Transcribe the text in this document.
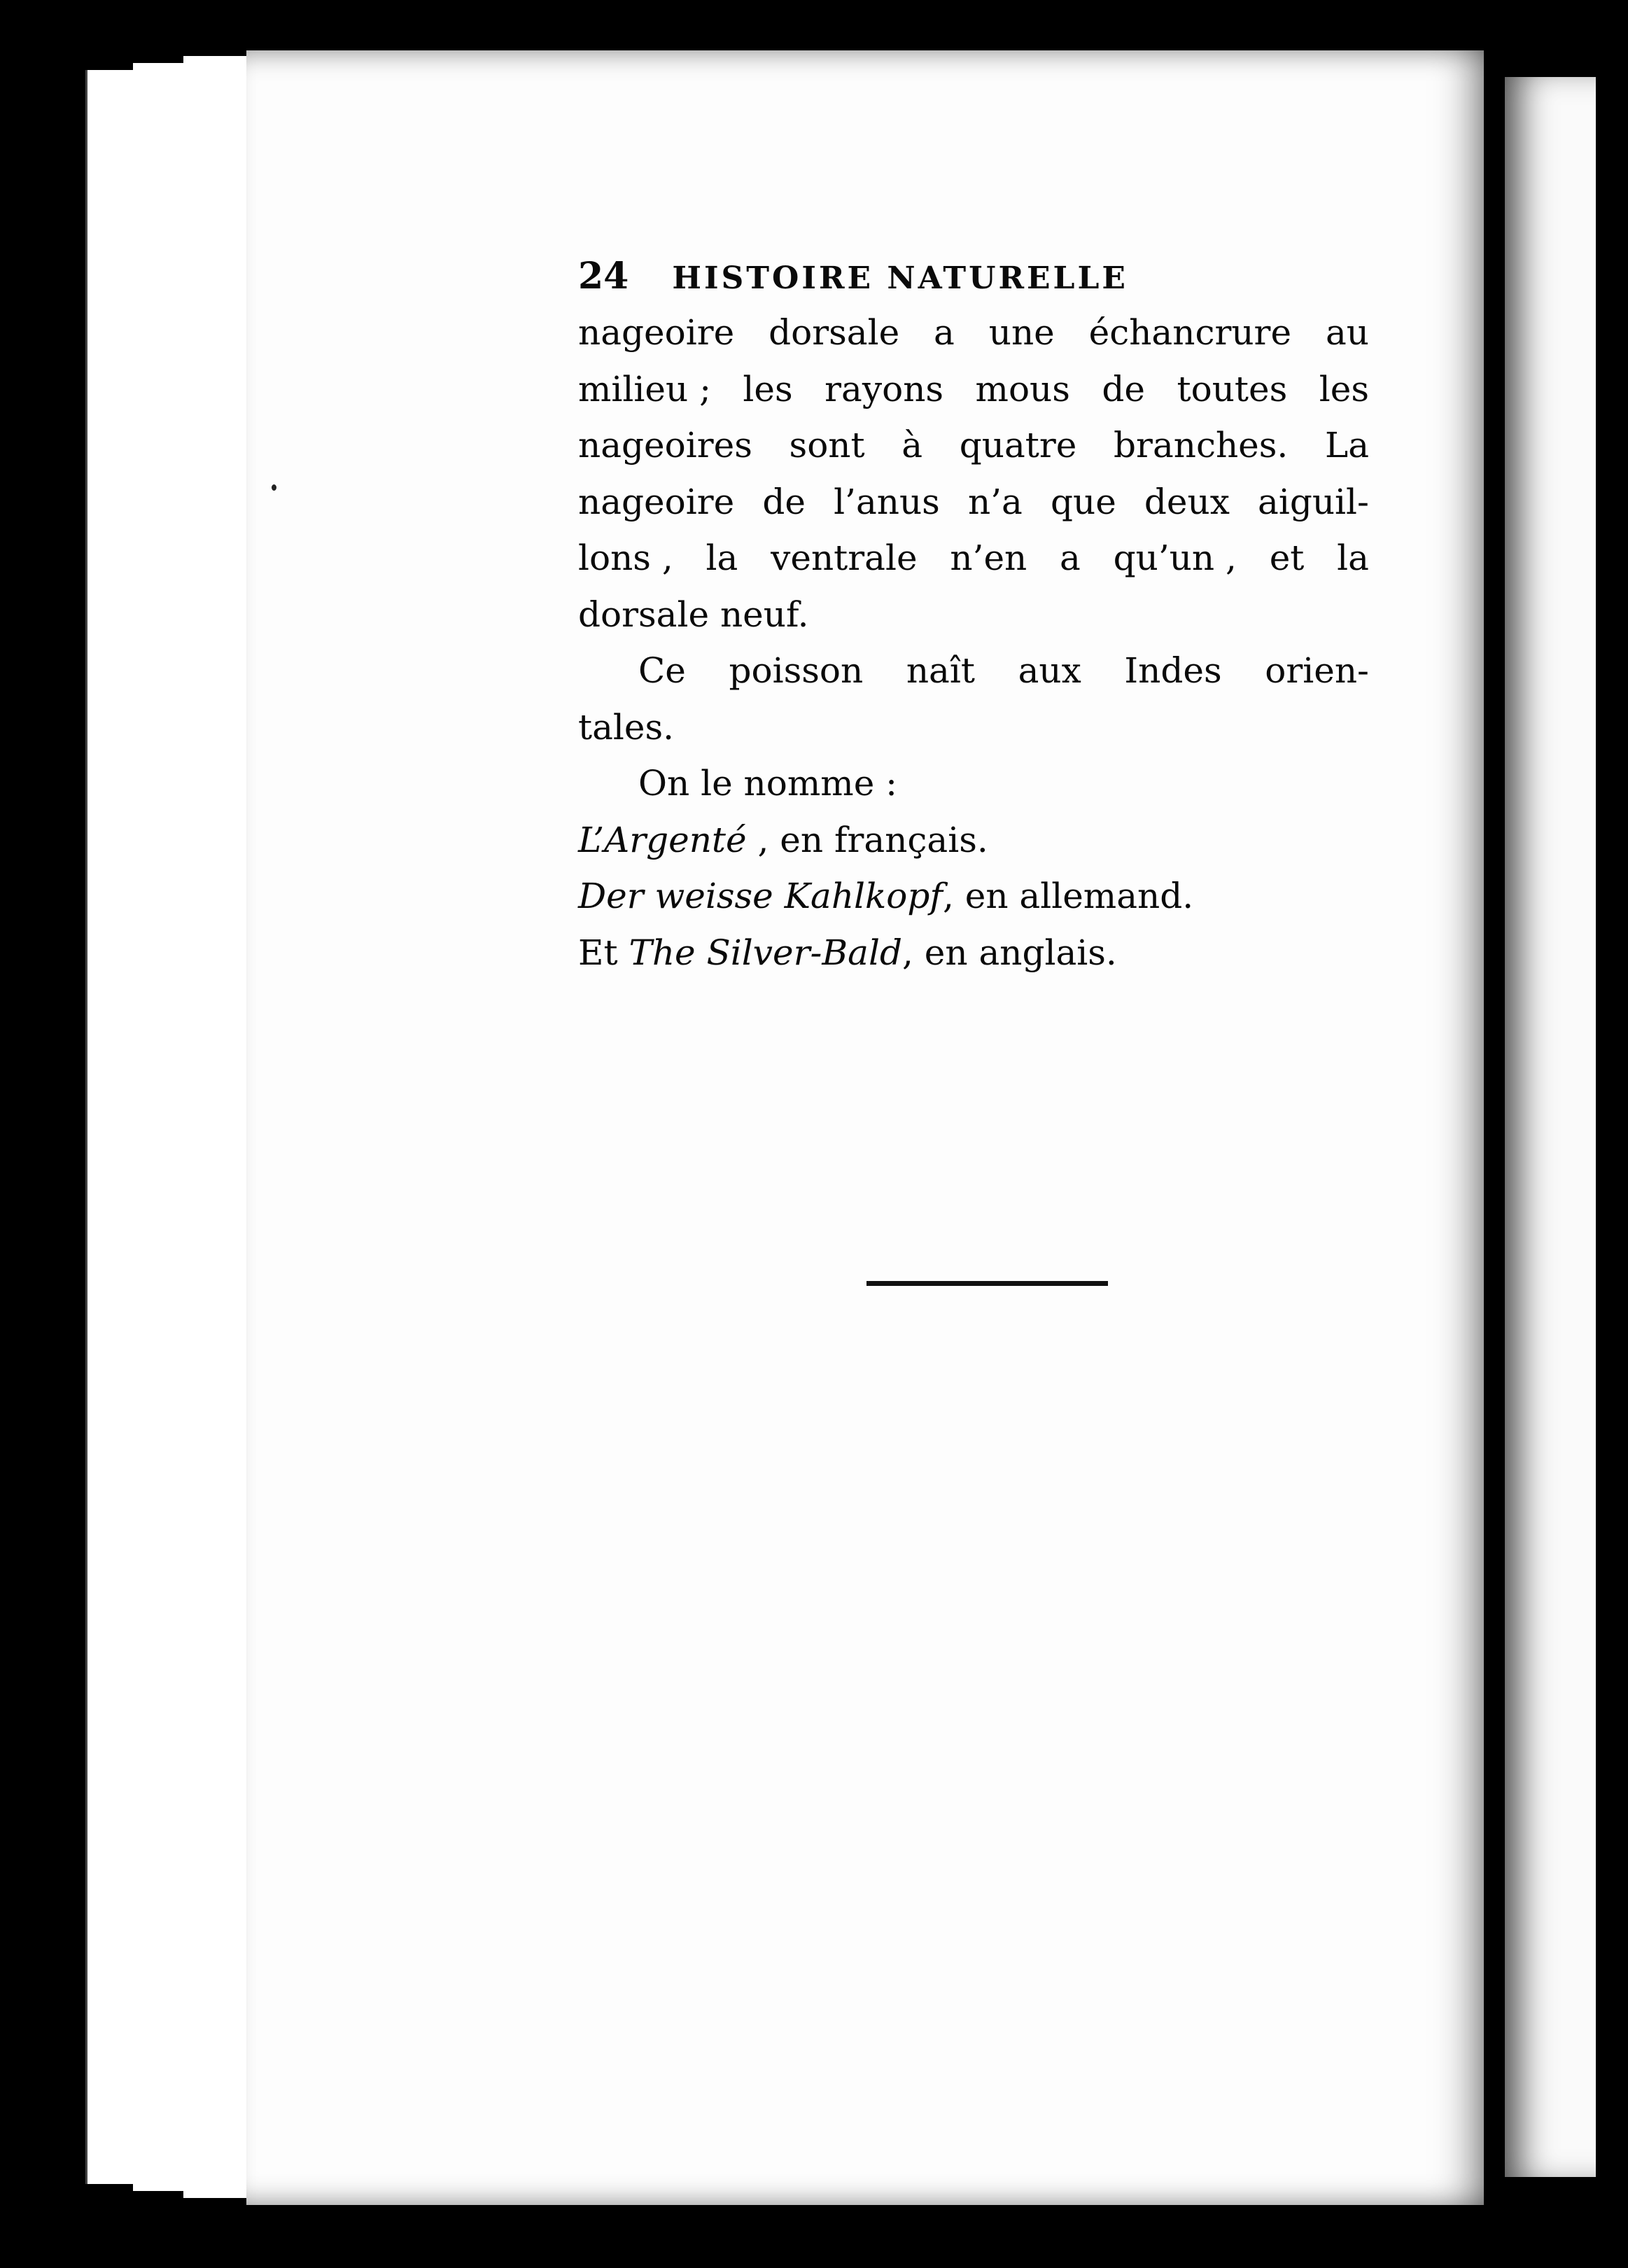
24 HISTOIRE NATURELLE
nageoire dorsale a une échancrure au
milieu ; les rayons mous de toutes les
nageoires sont à quatre branches. La
nageoire de l’anus n’a que deux aiguil-
lons , la ventrale n’en a qu’un , et la
dorsale neuf.
Ce poisson naît aux Indes orien-
tales.
On le nomme :
L’Argenté , en français.
Der weisse Kahlkopf, en allemand.
Et The Silver-Bald, en anglais.
